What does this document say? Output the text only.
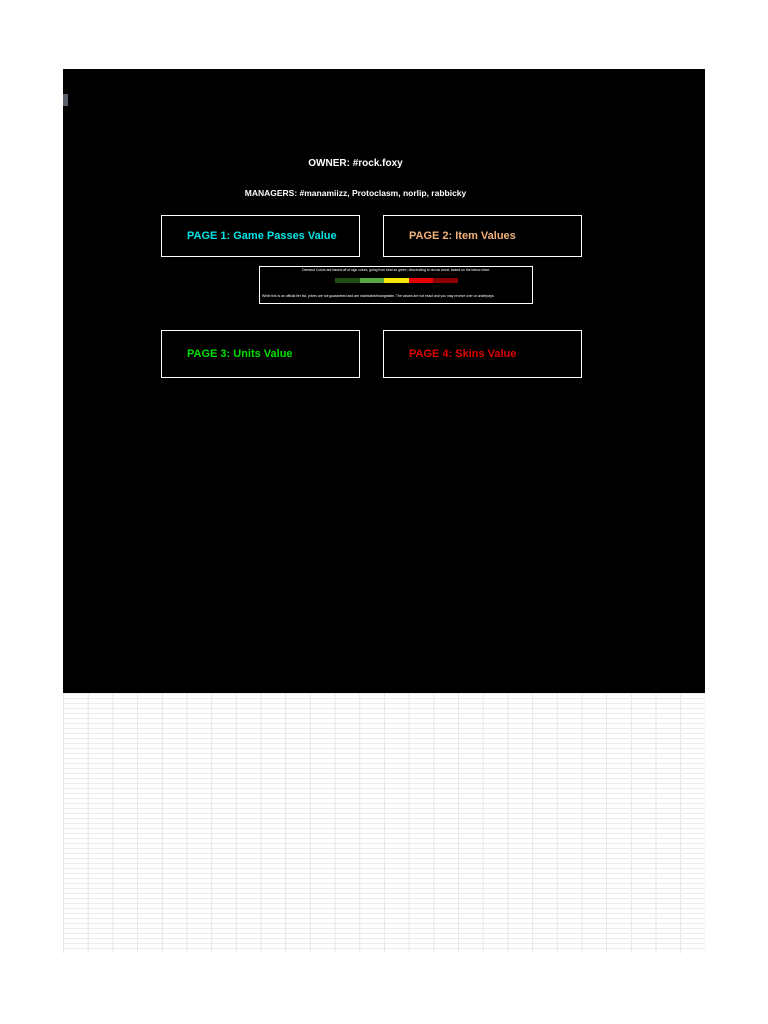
OWNER: #rock.foxy
MANAGERS: #manamiizz, Protoclasm, norlip, rabbicky
PAGE 1: Game Passes Value	PAGE 2: Item Values
Demand Colors are based off of sign colors, going from best as green, descending to red as worst, based on the below chart.
While this is an official tier list, prices are not guaranteed and are matrixable/changeable. The values are not exact and you may receive over or underpays.
PAGE 3: Units Value	PAGE 4: Skins Value
